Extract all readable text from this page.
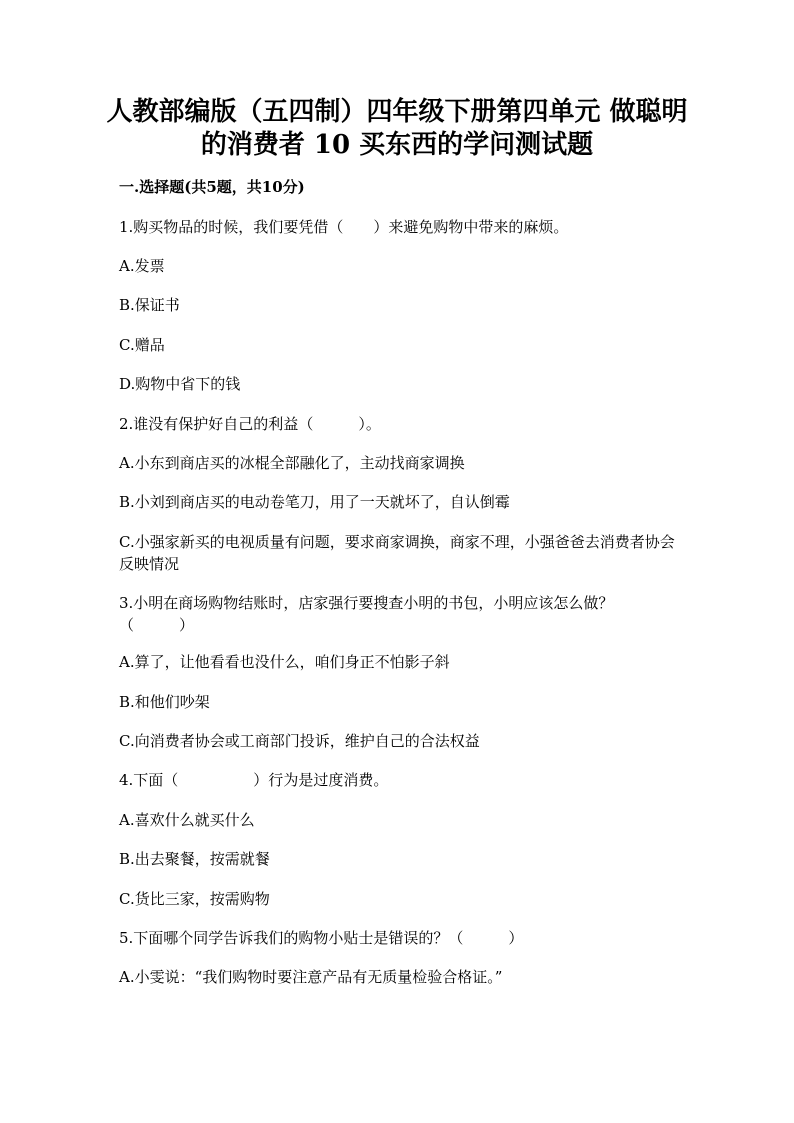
人教部编版（五四制）四年级下册第四单元 做聪明
的消费者 10 买东西的学问测试题
一.选择题(共5题，共10分)
1.购买物品的时候，我们要凭借（　　）来避免购物中带来的麻烦。
A.发票
B.保证书
C.赠品
D.购物中省下的钱
2.谁没有保护好自己的利益（　　　）。
A.小东到商店买的冰棍全部融化了，主动找商家调换
B.小刘到商店买的电动卷笔刀，用了一天就坏了，自认倒霉
C.小强家新买的电视质量有问题，要求商家调换，商家不理，小强爸爸去消费者协会反映情况
3.小明在商场购物结账时，店家强行要搜查小明的书包，小明应该怎么做？（　　　）
A.算了，让他看看也没什么，咱们身正不怕影子斜
B.和他们吵架
C.向消费者协会或工商部门投诉，维护自己的合法权益
4.下面（　　　　　）行为是过度消费。
A.喜欢什么就买什么
B.出去聚餐，按需就餐
C.货比三家，按需购物
5.下面哪个同学告诉我们的购物小贴士是错误的？（　　　）
A.小雯说：“我们购物时要注意产品有无质量检验合格证。”
